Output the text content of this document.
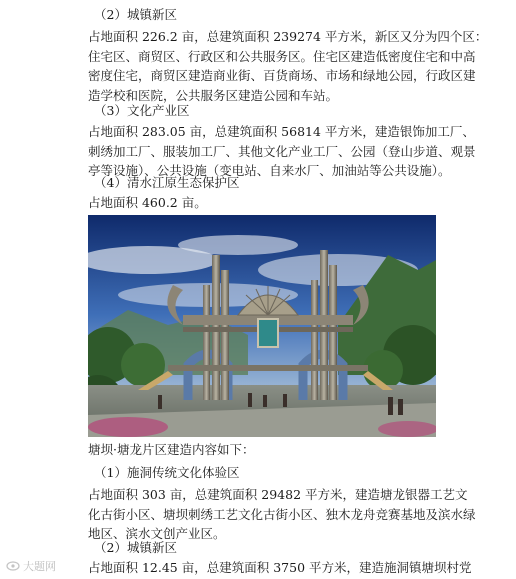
（2）城镇新区
占地面积 226.2 亩，总建筑面积 239274 平方米，新区又分为四个区：
住宅区、商贸区、行政区和公共服务区。住宅区建造低密度住宅和中高
密度住宅，商贸区建造商业街、百货商场、市场和绿地公园，行政区建
造学校和医院，公共服务区建造公园和车站。
（3）文化产业区
占地面积 283.05 亩，总建筑面积 56814 平方米，建造银饰加工厂、
刺绣加工厂、服装加工厂、其他文化产业工厂、公园（登山步道、观景
亭等设施）、公共设施（变电站、自来水厂、加油站等公共设施）。
（4）清水江原生态保护区
占地面积 460.2 亩。
塘坝·塘龙片区建造内容如下：
（1）施洞传统文化体验区
占地面积 303 亩，总建筑面积 29482 平方米，建造塘龙银器工艺文
化古街小区、塘坝刺绣工艺文化古街小区、独木龙舟竞赛基地及滨水绿
地区、滨水文创产业区。
（2）城镇新区
占地面积 12.45 亩，总建筑面积 3750 平方米，建造施洞镇塘坝村党
大题网
